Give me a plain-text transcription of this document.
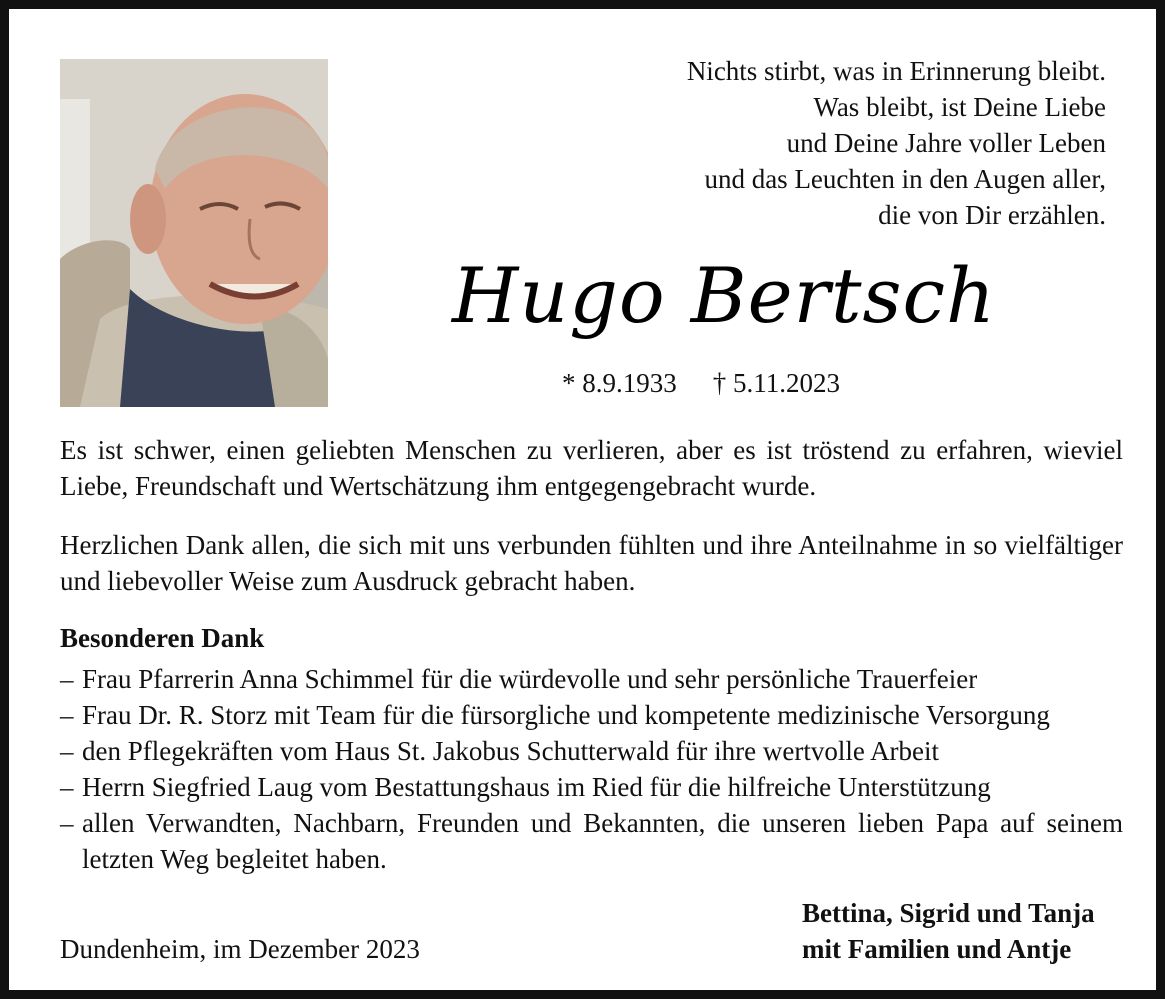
Nichts stirbt, was in Erinnerung bleibt.
Was bleibt, ist Deine Liebe
und Deine Jahre voller Leben
und das Leuchten in den Augen aller,
die von Dir erzählen.
Hugo Bertsch
* 8.9.1933 † 5.11.2023
Es ist schwer, einen geliebten Menschen zu verlieren, aber es ist tröstend zu erfahren, wieviel Liebe, Freundschaft und Wertschätzung ihm entgegengebracht wurde.
Herzlichen Dank allen, die sich mit uns verbunden fühlten und ihre Anteilnahme in so vielfältiger und liebevoller Weise zum Ausdruck gebracht haben.
Besonderen Dank
– Frau Pfarrerin Anna Schimmel für die würdevolle und sehr persönliche Trauerfeier
– Frau Dr. R. Storz mit Team für die fürsorgliche und kompetente medizinische Versorgung
– den Pflegekräften vom Haus St. Jakobus Schutterwald für ihre wertvolle Arbeit
– Herrn Siegfried Laug vom Bestattungshaus im Ried für die hilfreiche Unterstützung
– allen Verwandten, Nachbarn, Freunden und Bekannten, die unseren lieben Papa auf seinem letzten Weg begleitet haben.
Dundenheim, im Dezember 2023
Bettina, Sigrid und Tanja
mit Familien und Antje
